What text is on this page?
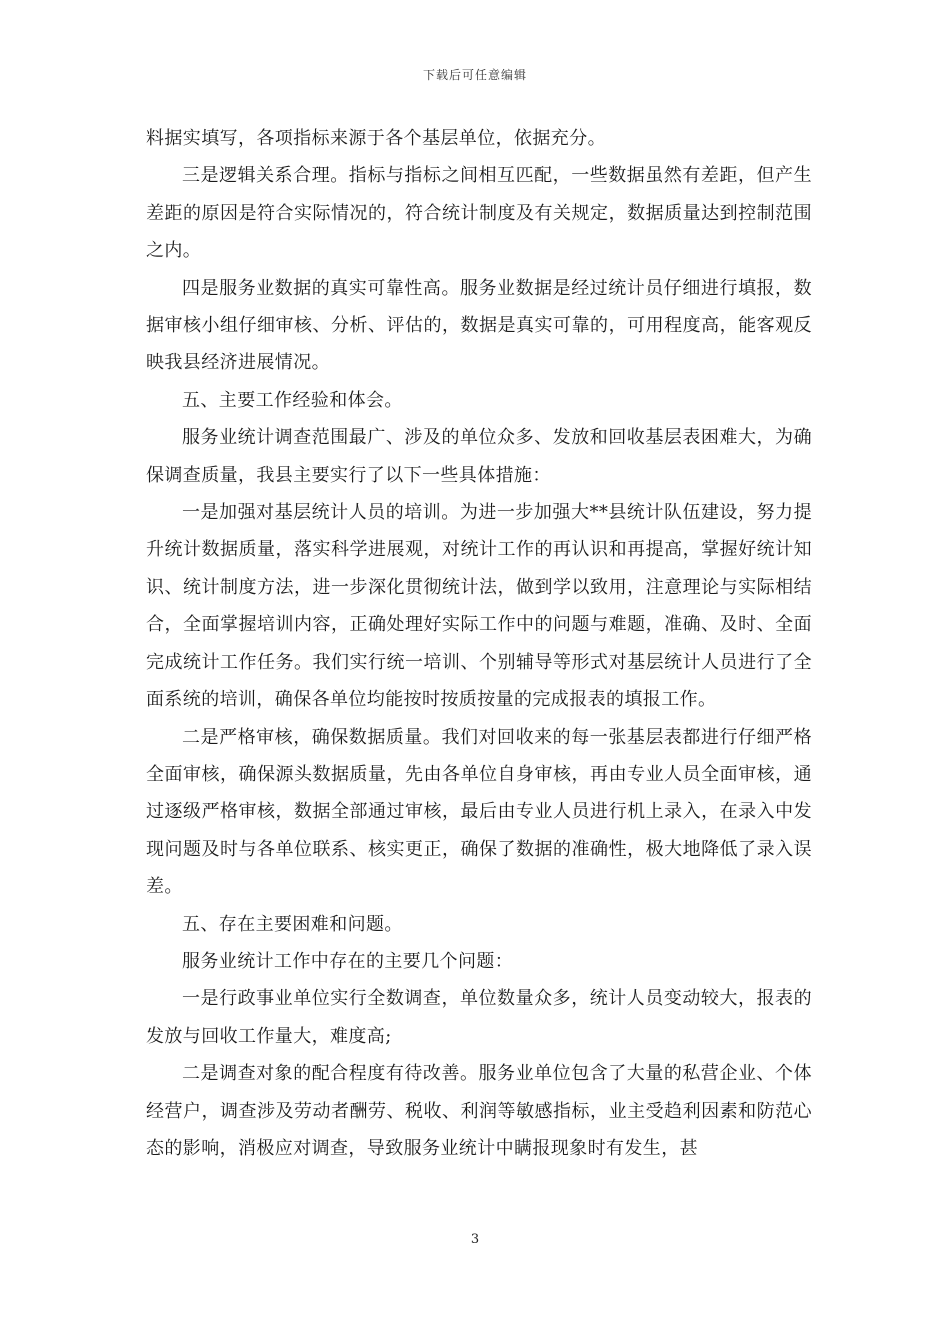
下载后可任意编辑

料据实填写，各项指标来源于各个基层单位，依据充分。

三是逻辑关系合理。指标与指标之间相互匹配，一些数据虽然有差距，但产生差距的原因是符合实际情况的，符合统计制度及有关规定，数据质量达到控制范围之内。

四是服务业数据的真实可靠性高。服务业数据是经过统计员仔细进行填报，数据审核小组仔细审核、分析、评估的，数据是真实可靠的，可用程度高，能客观反映我县经济进展情况。

五、主要工作经验和体会。

服务业统计调查范围最广、涉及的单位众多、发放和回收基层表困难大，为确保调查质量，我县主要实行了以下一些具体措施：

一是加强对基层统计人员的培训。为进一步加强大**县统计队伍建设，努力提升统计数据质量，落实科学进展观，对统计工作的再认识和再提高，掌握好统计知识、统计制度方法，进一步深化贯彻统计法，做到学以致用，注意理论与实际相结合，全面掌握培训内容，正确处理好实际工作中的问题与难题，准确、及时、全面完成统计工作任务。我们实行统一培训、个别辅导等形式对基层统计人员进行了全面系统的培训，确保各单位均能按时按质按量的完成报表的填报工作。

二是严格审核，确保数据质量。我们对回收来的每一张基层表都进行仔细严格全面审核，确保源头数据质量，先由各单位自身审核，再由专业人员全面审核，通过逐级严格审核，数据全部通过审核，最后由专业人员进行机上录入，在录入中发现问题及时与各单位联系、核实更正，确保了数据的准确性，极大地降低了录入误差。

五、存在主要困难和问题。

服务业统计工作中存在的主要几个问题：

一是行政事业单位实行全数调查，单位数量众多，统计人员变动较大，报表的发放与回收工作量大，难度高;

二是调查对象的配合程度有待改善。服务业单位包含了大量的私营企业、个体经营户，调查涉及劳动者酬劳、税收、利润等敏感指标，业主受趋利因素和防范心态的影响，消极应对调查，导致服务业统计中瞒报现象时有发生，甚

3
